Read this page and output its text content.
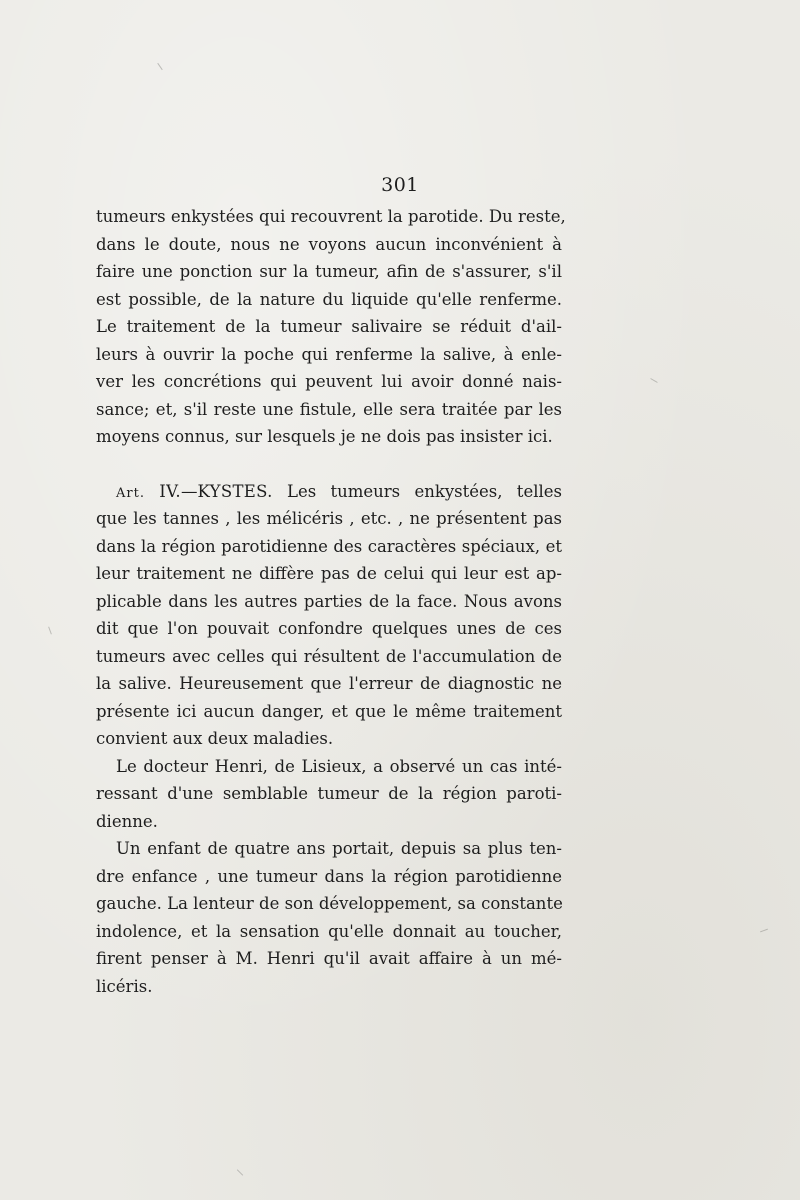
301
tumeurs enkystées qui recouvrent la parotide. Du reste,
dans le doute, nous ne voyons aucun inconvénient à
faire une ponction sur la tumeur, afin de s'assurer, s'il
est possible, de la nature du liquide qu'elle renferme.
Le traitement de la tumeur salivaire se réduit d'ail-
leurs à ouvrir la poche qui renferme la salive, à enle-
ver les concrétions qui peuvent lui avoir donné nais-
sance; et, s'il reste une fistule, elle sera traitée par les
moyens connus, sur lesquels je ne dois pas insister ici.
Art. IV.—KYSTES. Les tumeurs enkystées, telles
que les tannes , les mélicéris , etc. , ne présentent pas
dans la région parotidienne des caractères spéciaux, et
leur traitement ne diffère pas de celui qui leur est ap-
plicable dans les autres parties de la face. Nous avons
dit que l'on pouvait confondre quelques unes de ces
tumeurs avec celles qui résultent de l'accumulation de
la salive. Heureusement que l'erreur de diagnostic ne
présente ici aucun danger, et que le même traitement
convient aux deux maladies.
Le docteur Henri, de Lisieux, a observé un cas inté-
ressant d'une semblable tumeur de la région paroti-
dienne.
Un enfant de quatre ans portait, depuis sa plus ten-
dre enfance , une tumeur dans la région parotidienne
gauche. La lenteur de son développement, sa constante
indolence, et la sensation qu'elle donnait au toucher,
firent penser à M. Henri qu'il avait affaire à un mé-
licéris.
